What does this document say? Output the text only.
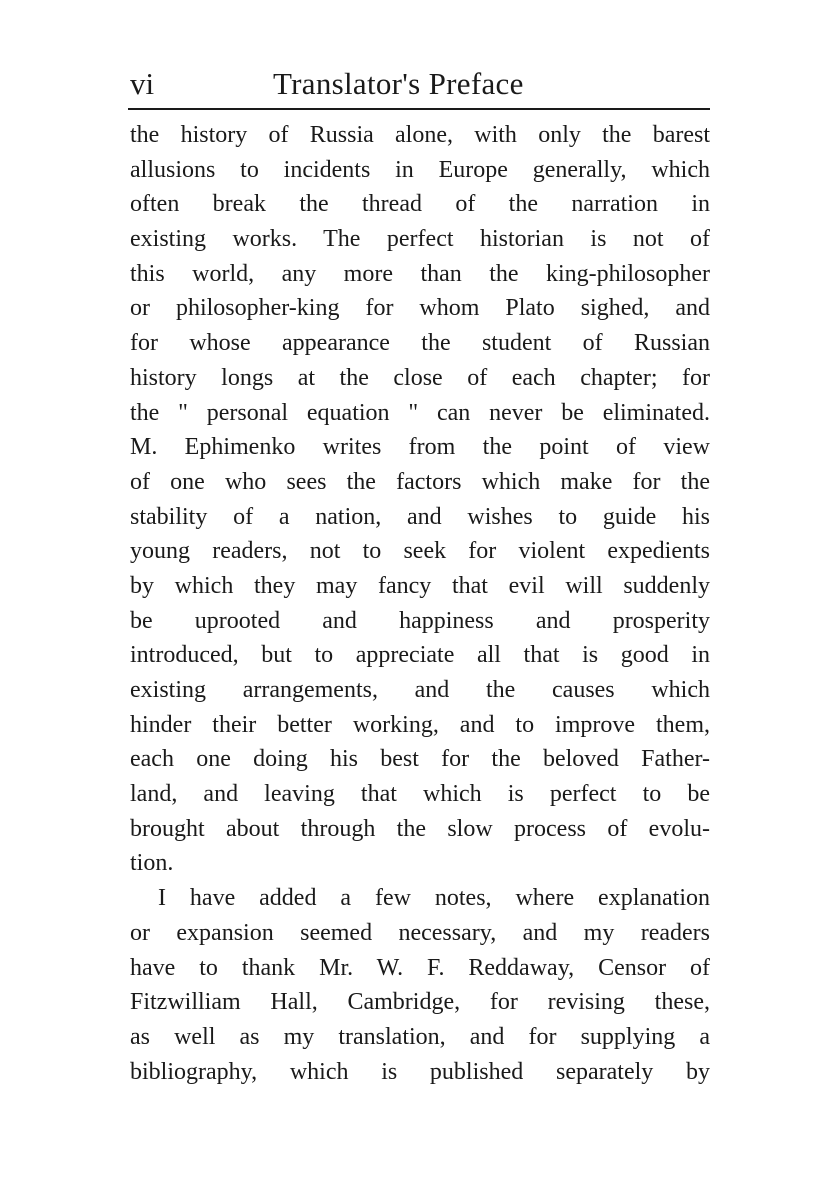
vi	Translator's Preface
the history of Russia alone, with only the barest
allusions to incidents in Europe generally, which
often break the thread of the narration in
existing works. The perfect historian is not of
this world, any more than the king-philosopher
or philosopher-king for whom Plato sighed, and
for whose appearance the student of Russian
history longs at the close of each chapter; for
the " personal equation " can never be eliminated.
M. Ephimenko writes from the point of view
of one who sees the factors which make for the
stability of a nation, and wishes to guide his
young readers, not to seek for violent expedients
by which they may fancy that evil will suddenly
be uprooted and happiness and prosperity
introduced, but to appreciate all that is good in
existing arrangements, and the causes which
hinder their better working, and to improve them,
each one doing his best for the beloved Father-
land, and leaving that which is perfect to be
brought about through the slow process of evolu-
tion.
I have added a few notes, where explanation
or expansion seemed necessary, and my readers
have to thank Mr. W. F. Reddaway, Censor of
Fitzwilliam Hall, Cambridge, for revising these,
as well as my translation, and for supplying a
bibliography, which is published separately by
